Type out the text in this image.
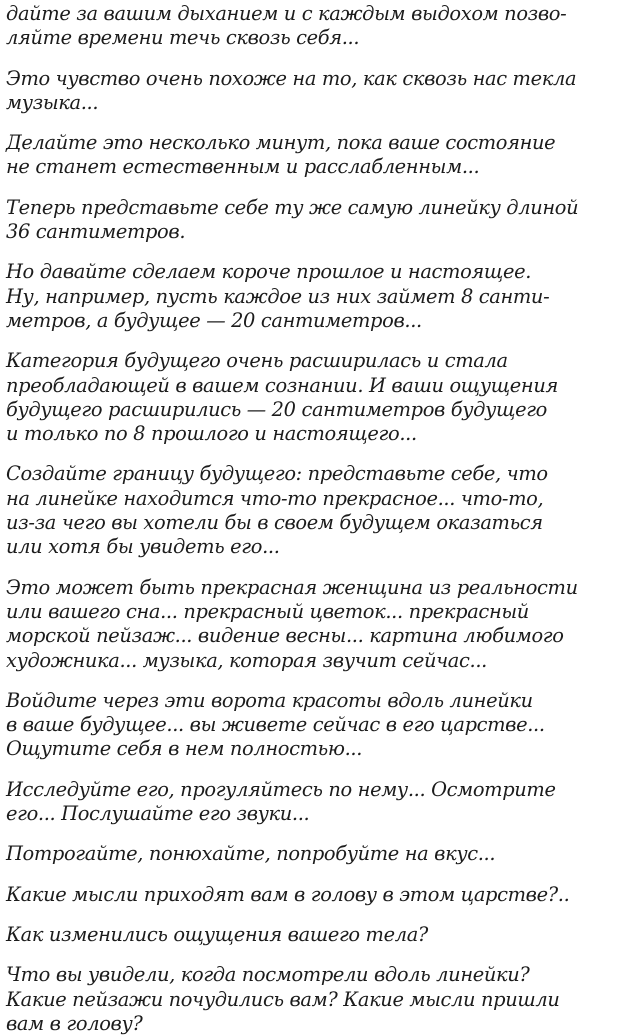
дайте за вашим дыханием и с каждым выдохом позво-
ляйте времени течь сквозь себя...

Это чувство очень похоже на то, как сквозь нас текла
музыка...

Делайте это несколько минут, пока ваше состояние
не станет естественным и расслабленным...

Теперь представьте себе ту же самую линейку длиной
36 сантиметров.

Но давайте сделаем короче прошлое и настоящее.
Ну, например, пусть каждое из них займет 8 санти-
метров, а будущее — 20 сантиметров...

Категория будущего очень расширилась и стала
преобладающей в вашем сознании. И ваши ощущения
будущего расширились — 20 сантиметров будущего
и только по 8 прошлого и настоящего...

Создайте границу будущего: представьте себе, что
на линейке находится что-то прекрасное... что-то,
из-за чего вы хотели бы в своем будущем оказаться
или хотя бы увидеть его...

Это может быть прекрасная женщина из реальности
или вашего сна... прекрасный цветок... прекрасный
морской пейзаж... видение весны... картина любимого
художника... музыка, которая звучит сейчас...

Войдите через эти ворота красоты вдоль линейки
в ваше будущее... вы живете сейчас в его царстве...
Ощутите себя в нем полностью...

Исследуйте его, прогуляйтесь по нему... Осмотрите
его... Послушайте его звуки...

Потрогайте, понюхайте, попробуйте на вкус...

Какие мысли приходят вам в голову в этом царстве?..

Как изменились ощущения вашего тела?

Что вы увидели, когда посмотрели вдоль линейки?
Какие пейзажи почудились вам? Какие мысли пришли
вам в голову?
